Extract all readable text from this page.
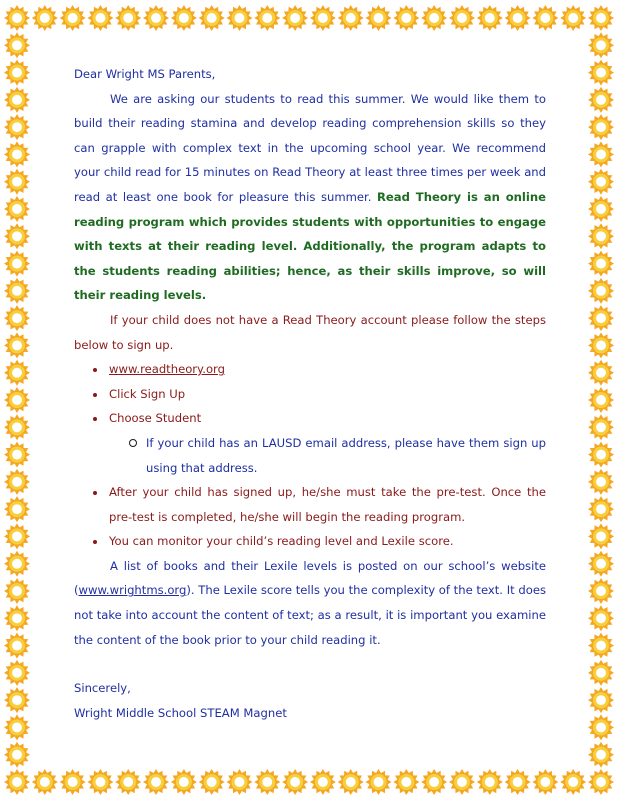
Dear Wright MS Parents,

We are asking our students to read this summer. We would like them to build their reading stamina and develop reading comprehension skills so they can grapple with complex text in the upcoming school year. We recommend your child read for 15 minutes on Read Theory at least three times per week and read at least one book for pleasure this summer. Read Theory is an online reading program which provides students with opportunities to engage with texts at their reading level. Additionally, the program adapts to the students reading abilities; hence, as their skills improve, so will their reading levels.

If your child does not have a Read Theory account please follow the steps below to sign up.

www.readtheory.org
Click Sign Up
Choose Student

If your child has an LAUSD email address, please have them sign up using that address.

After your child has signed up, he/she must take the pre-test. Once the pre-test is completed, he/she will begin the reading program.
You can monitor your child’s reading level and Lexile score.

A list of books and their Lexile levels is posted on our school’s website (www.wrightms.org). The Lexile score tells you the complexity of the text. It does not take into account the content of text; as a result, it is important you examine the content of the book prior to your child reading it.

Sincerely,

Wright Middle School STEAM Magnet
